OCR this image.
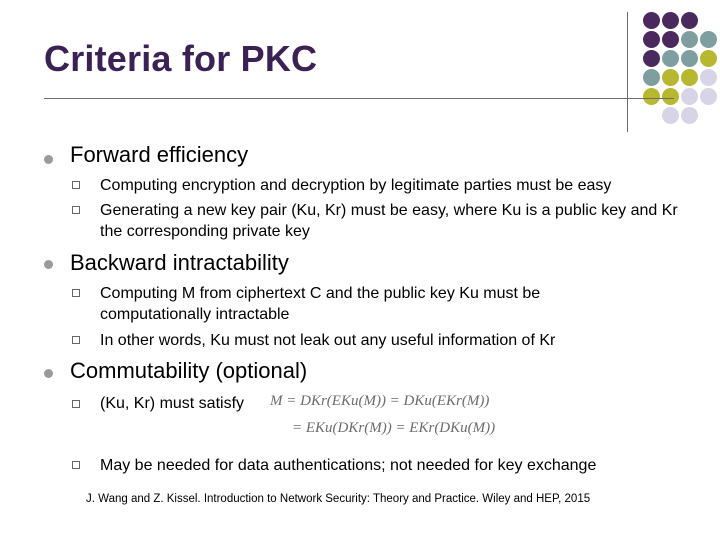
Criteria for PKC
Forward efficiency
Computing encryption and decryption by legitimate parties must be easy
Generating a new key pair (Ku, Kr) must be easy, where Ku is a public key and Kr the corresponding private key
Backward intractability
Computing M from ciphertext C and the public key Ku must be computationally intractable
In other words, Ku must not leak out any useful information of Kr
Commutability (optional)
(Ku, Kr) must satisfy	M = DKr(EKu(M)) = DKu(EKr(M))
= EKu(DKr(M)) = EKr(DKu(M))
May be needed for data authentications; not needed for key exchange
J. Wang and Z. Kissel. Introduction to Network Security: Theory and Practice. Wiley and HEP, 2015
